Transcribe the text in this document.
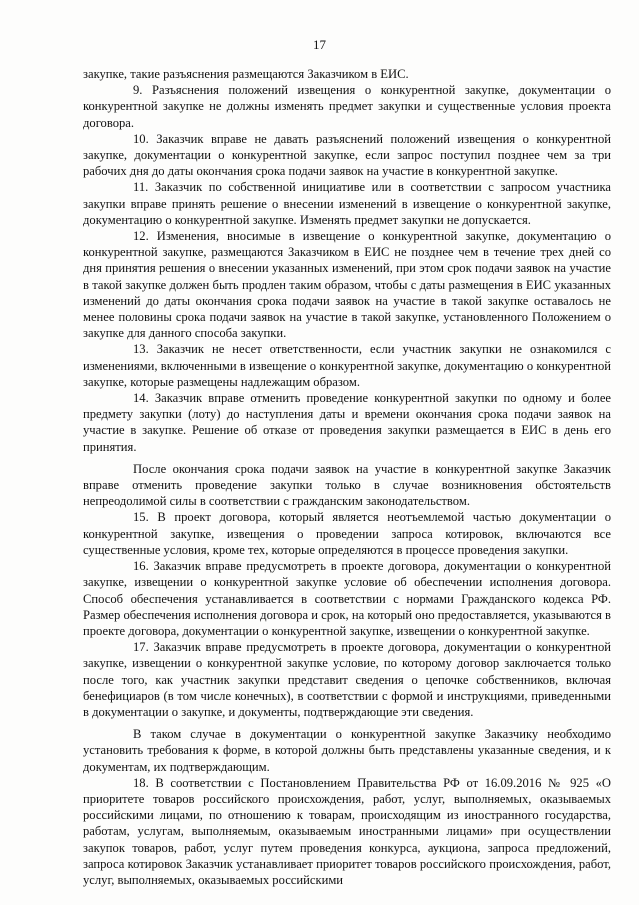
17

закупке, такие разъяснения размещаются Заказчиком в ЕИС.

9. Разъяснения положений извещения о конкурентной закупке, документации о конкурентной закупке не должны изменять предмет закупки и существенные условия проекта договора.

10. Заказчик вправе не давать разъяснений положений извещения о конкурентной закупке, документации о конкурентной закупке, если запрос поступил позднее чем за три рабочих дня до даты окончания срока подачи заявок на участие в конкурентной закупке.

11. Заказчик по собственной инициативе или в соответствии с запросом участника закупки вправе принять решение о внесении изменений в извещение о конкурентной закупке, документацию о конкурентной закупке. Изменять предмет закупки не допускается.

12. Изменения, вносимые в извещение о конкурентной закупке, документацию о конкурентной закупке, размещаются Заказчиком в ЕИС не позднее чем в течение трех дней со дня принятия решения о внесении указанных изменений, при этом срок подачи заявок на участие в такой закупке должен быть продлен таким образом, чтобы с даты размещения в ЕИС указанных изменений до даты окончания срока подачи заявок на участие в такой закупке оставалось не менее половины срока подачи заявок на участие в такой закупке, установленного Положением о закупке для данного способа закупки.

13. Заказчик не несет ответственности, если участник закупки не ознакомился с изменениями, включенными в извещение о конкурентной закупке, документацию о конкурентной закупке, которые размещены надлежащим образом.

14. Заказчик вправе отменить проведение конкурентной закупки по одному и более предмету закупки (лоту) до наступления даты и времени окончания срока подачи заявок на участие в закупке. Решение об отказе от проведения закупки размещается в ЕИС в день его принятия.

После окончания срока подачи заявок на участие в конкурентной закупке Заказчик вправе отменить проведение закупки только в случае возникновения обстоятельств непреодолимой силы в соответствии с гражданским законодательством.

15. В проект договора, который является неотъемлемой частью документации о конкурентной закупке, извещения о проведении запроса котировок, включаются все существенные условия, кроме тех, которые определяются в процессе проведения закупки.

16. Заказчик вправе предусмотреть в проекте договора, документации о конкурентной закупке, извещении о конкурентной закупке условие об обеспечении исполнения договора. Способ обеспечения устанавливается в соответствии с нормами Гражданского кодекса РФ. Размер обеспечения исполнения договора и срок, на который оно предоставляется, указываются в проекте договора, документации о конкурентной закупке, извещении о конкурентной закупке.

17. Заказчик вправе предусмотреть в проекте договора, документации о конкурентной закупке, извещении о конкурентной закупке условие, по которому договор заключается только после того, как участник закупки представит сведения о цепочке собственников, включая бенефициаров (в том числе конечных), в соответствии с формой и инструкциями, приведенными в документации о закупке, и документы, подтверждающие эти сведения.

В таком случае в документации о конкурентной закупке Заказчику необходимо установить требования к форме, в которой должны быть представлены указанные сведения, и к документам, их подтверждающим.

18. В соответствии с Постановлением Правительства РФ от 16.09.2016 № 925 «О приоритете товаров российского происхождения, работ, услуг, выполняемых, оказываемых российскими лицами, по отношению к товарам, происходящим из иностранного государства, работам, услугам, выполняемым, оказываемым иностранными лицами» при осуществлении закупок товаров, работ, услуг путем проведения конкурса, аукциона, запроса предложений, запроса котировок Заказчик устанавливает приоритет товаров российского происхождения, работ, услуг, выполняемых, оказываемых российскими
